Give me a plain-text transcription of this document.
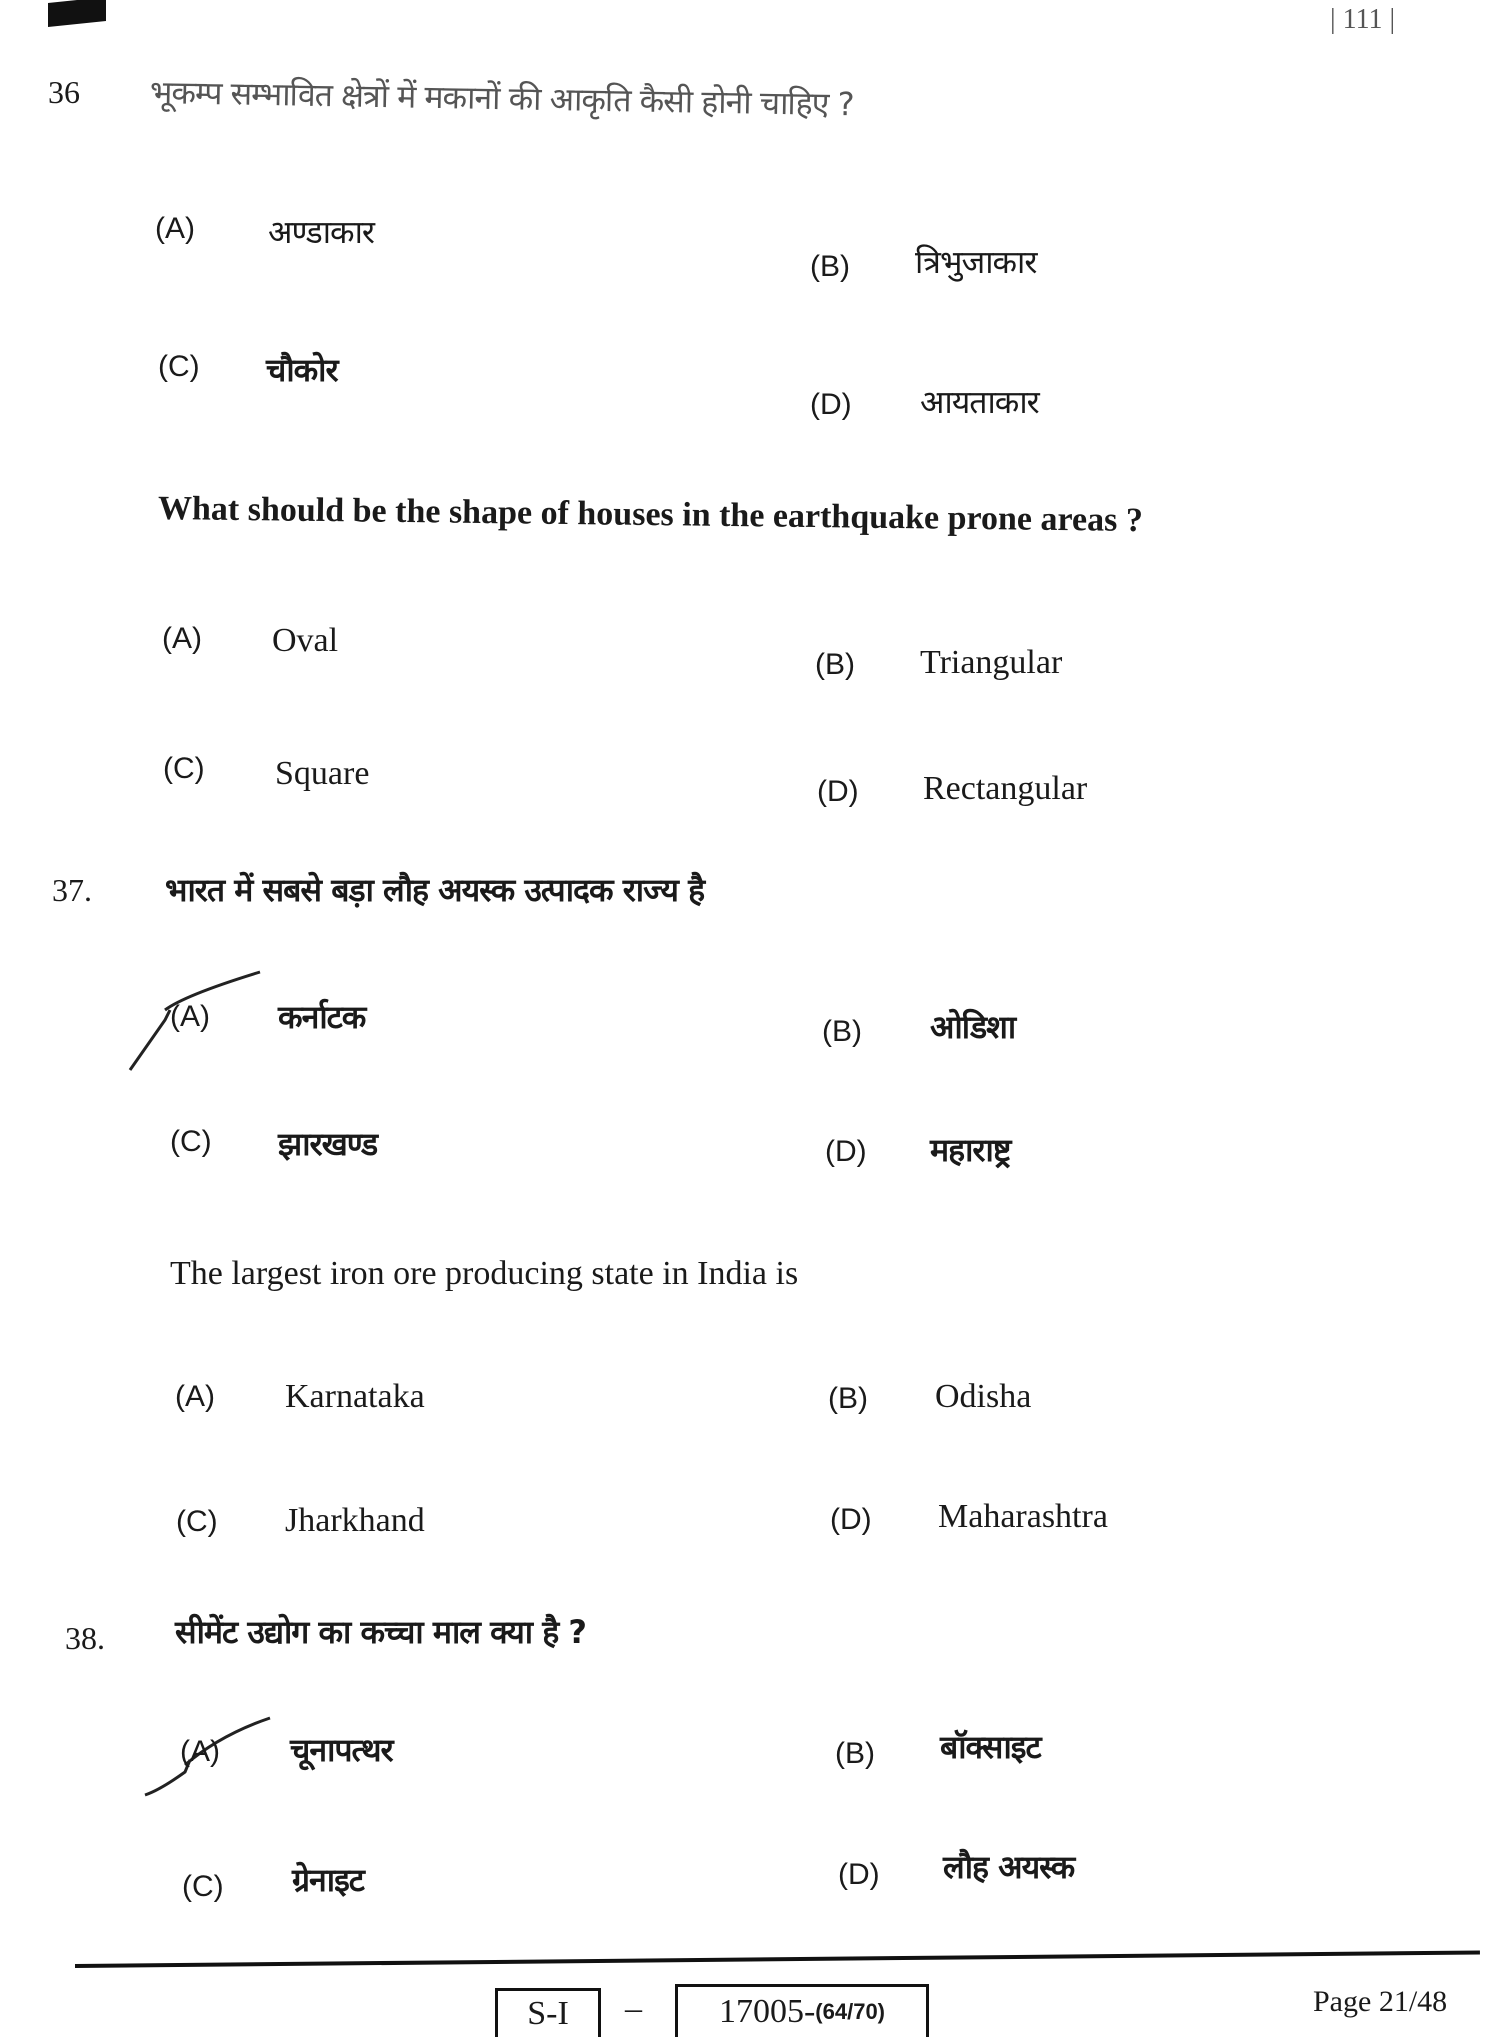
| 111 |
36 भूकम्प सम्भावित क्षेत्रों में मकानों की आकृति कैसी होनी चाहिए ?
(A) अण्डाकार
(B) त्रिभुजाकार
(C) चौकोर
(D) आयताकार
What should be the shape of houses in the earthquake prone areas ?
(A) Oval
(B) Triangular
(C) Square	(D) Rectangular
37. भारत में सबसे बड़ा लौह अयस्क उत्पादक राज्य है
(A) कर्नाटक	(B) ओडिशा
(C) झारखण्ड	(D) महाराष्ट्र
The largest iron ore producing state in India is
(A) Karnataka	(B) Odisha
(C) Jharkhand	(D) Maharashtra
38. सीमेंट उद्योग का कच्चा माल क्या है ?
(A) चूनापत्थर	(B) बॉक्साइट
(C) ग्रेनाइट	(D) लौह अयस्क
S-I – 17005- (64/70)	Page 21/48
